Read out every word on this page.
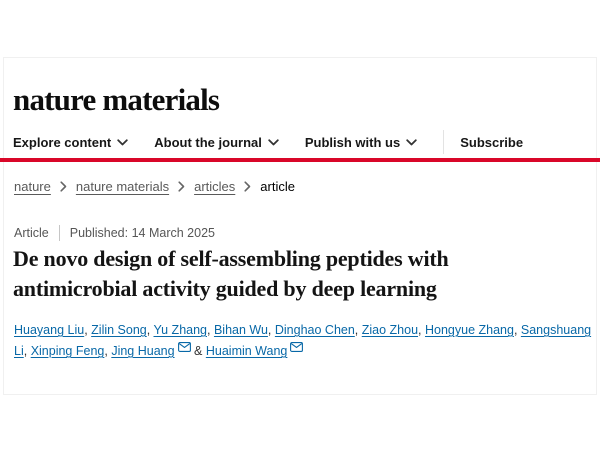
nature materials
Explore content	About the journal	Publish with us	Subscribe
nature nature materials articles article
Article Published: 14 March 2025
De novo design of self-assembling peptides with antimicrobial activity guided by deep learning

Huayang Liu, Zilin Song, Yu Zhang, Bihan Wu, Dinghao Chen, Ziao Zhou, Hongyue Zhang, Sangshuang Li, Xinping Feng, Jing Huang & Huaimin Wang
